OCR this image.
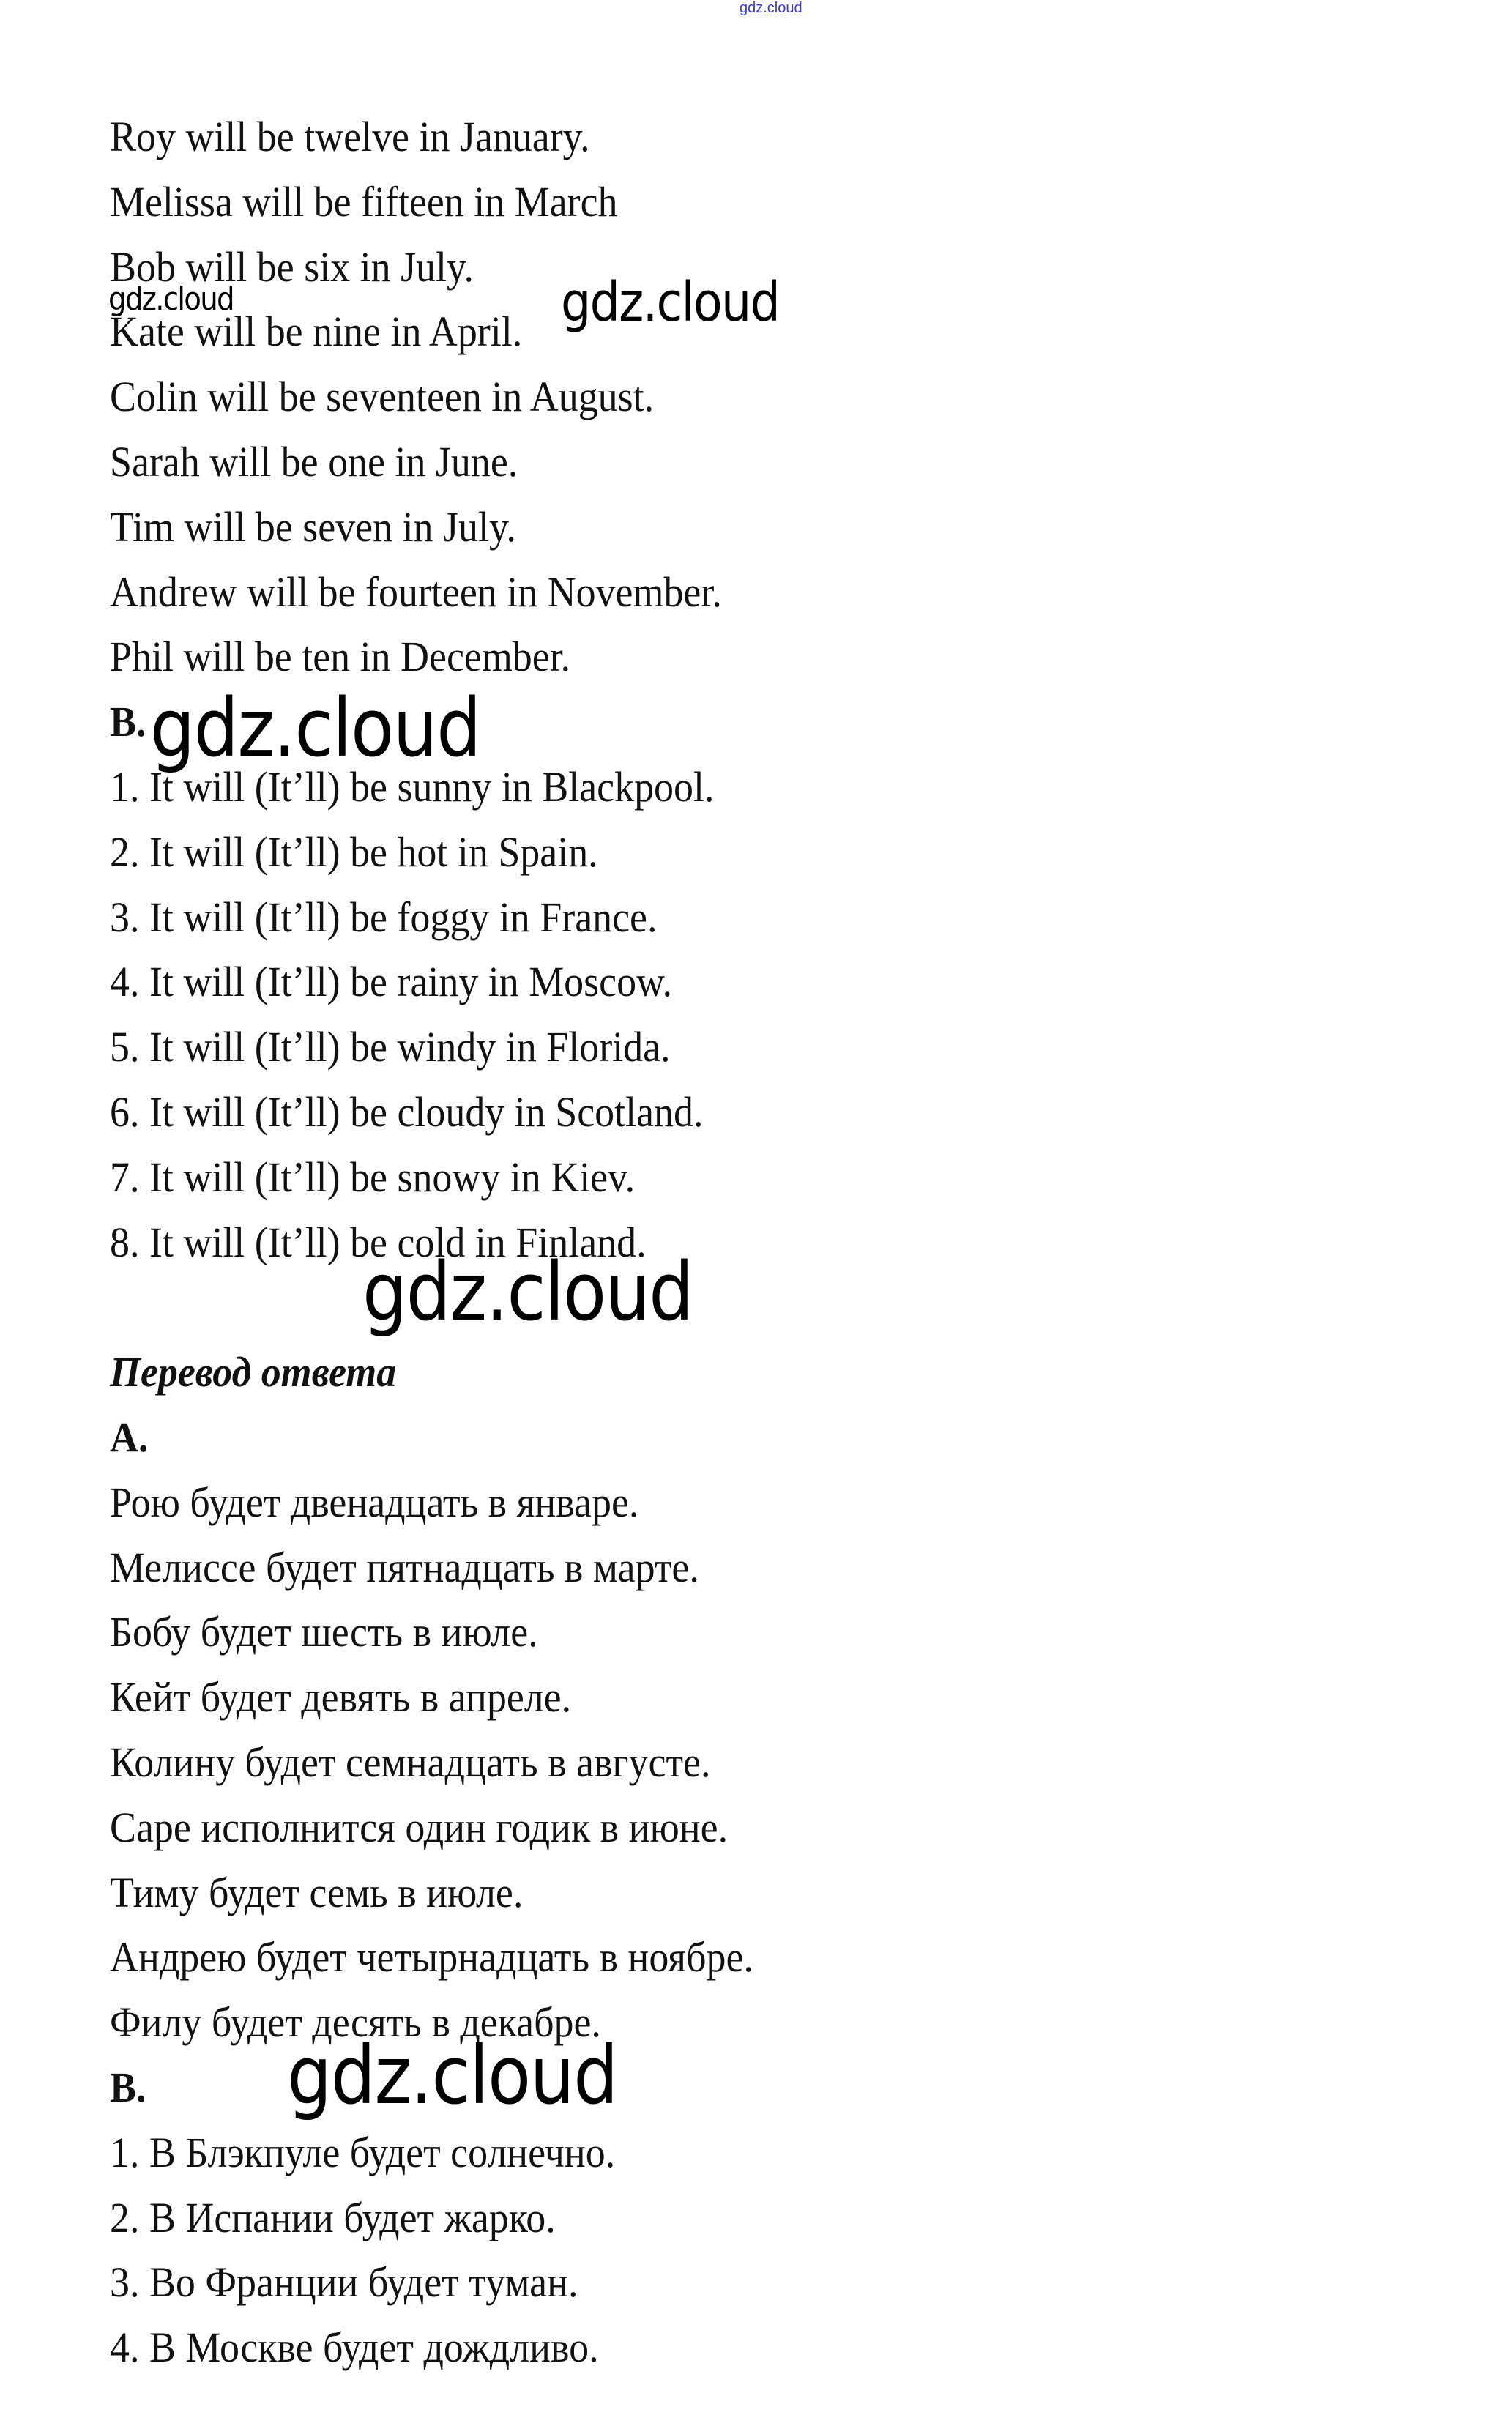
gdz.cloud
Roy will be twelve in January.
Melissa will be fifteen in March
Bob will be six in July.
Kate will be nine in April.
Colin will be seventeen in August.
Sarah will be one in June.
Tim will be seven in July.
Andrew will be fourteen in November.
Phil will be ten in December.
B.
1. It will (It’ll) be sunny in Blackpool.
2. It will (It’ll) be hot in Spain.
3. It will (It’ll) be foggy in France.
4. It will (It’ll) be rainy in Moscow.
5. It will (It’ll) be windy in Florida.
6. It will (It’ll) be cloudy in Scotland.
7. It will (It’ll) be snowy in Kiev.
8. It will (It’ll) be cold in Finland.
Перевод ответа
А.
Рою будет двенадцать в январе.
Мелиссе будет пятнадцать в марте.
Бобу будет шесть в июле.
Кейт будет девять в апреле.
Колину будет семнадцать в августе.
Саре исполнится один годик в июне.
Тиму будет семь в июле.
Андрею будет четырнадцать в ноябре.
Филу будет десять в декабре.
В.
1. В Блэкпуле будет солнечно.
2. В Испании будет жарко.
3. Во Франции будет туман.
4. В Москве будет дождливо.
gdz.cloud	gdz.cloud
gdz.cloud
gdz.cloud
gdz.cloud
